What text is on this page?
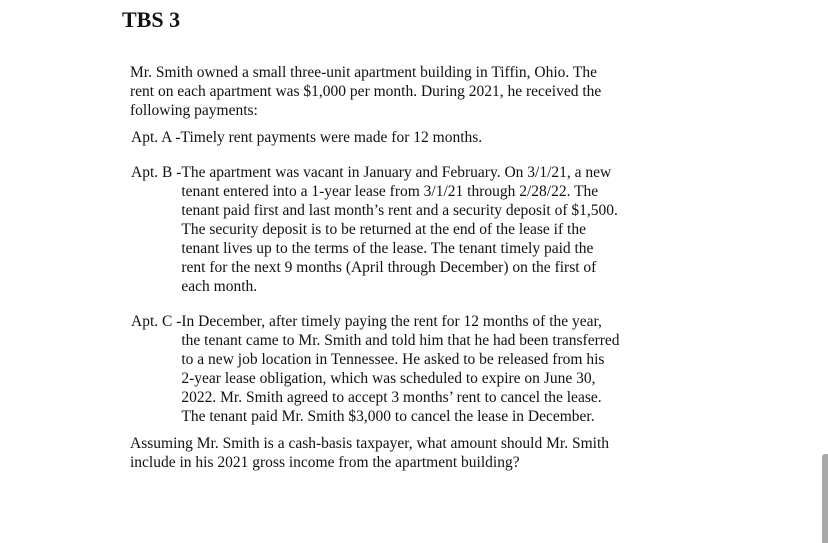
TBS 3

Mr. Smith owned a small three-unit apartment building in Tiffin, Ohio. The rent on each apartment was $1,000 per month. During 2021, he received the following payments:

Apt. A - Timely rent payments were made for 12 months.
Apt. B - The apartment was vacant in January and February. On 3/1/21, a new tenant entered into a 1-year lease from 3/1/21 through 2/28/22. The tenant paid first and last month’s rent and a security deposit of $1,500. The security deposit is to be returned at the end of the lease if the tenant lives up to the terms of the lease. The tenant timely paid the rent for the next 9 months (April through December) on the first of each month.
Apt. C - In December, after timely paying the rent for 12 months of the year, the tenant came to Mr. Smith and told him that he had been transferred to a new job location in Tennessee. He asked to be released from his 2-year lease obligation, which was scheduled to expire on June 30, 2022. Mr. Smith agreed to accept 3 months’ rent to cancel the lease. The tenant paid Mr. Smith $3,000 to cancel the lease in December.

Assuming Mr. Smith is a cash-basis taxpayer, what amount should Mr. Smith include in his 2021 gross income from the apartment building?
